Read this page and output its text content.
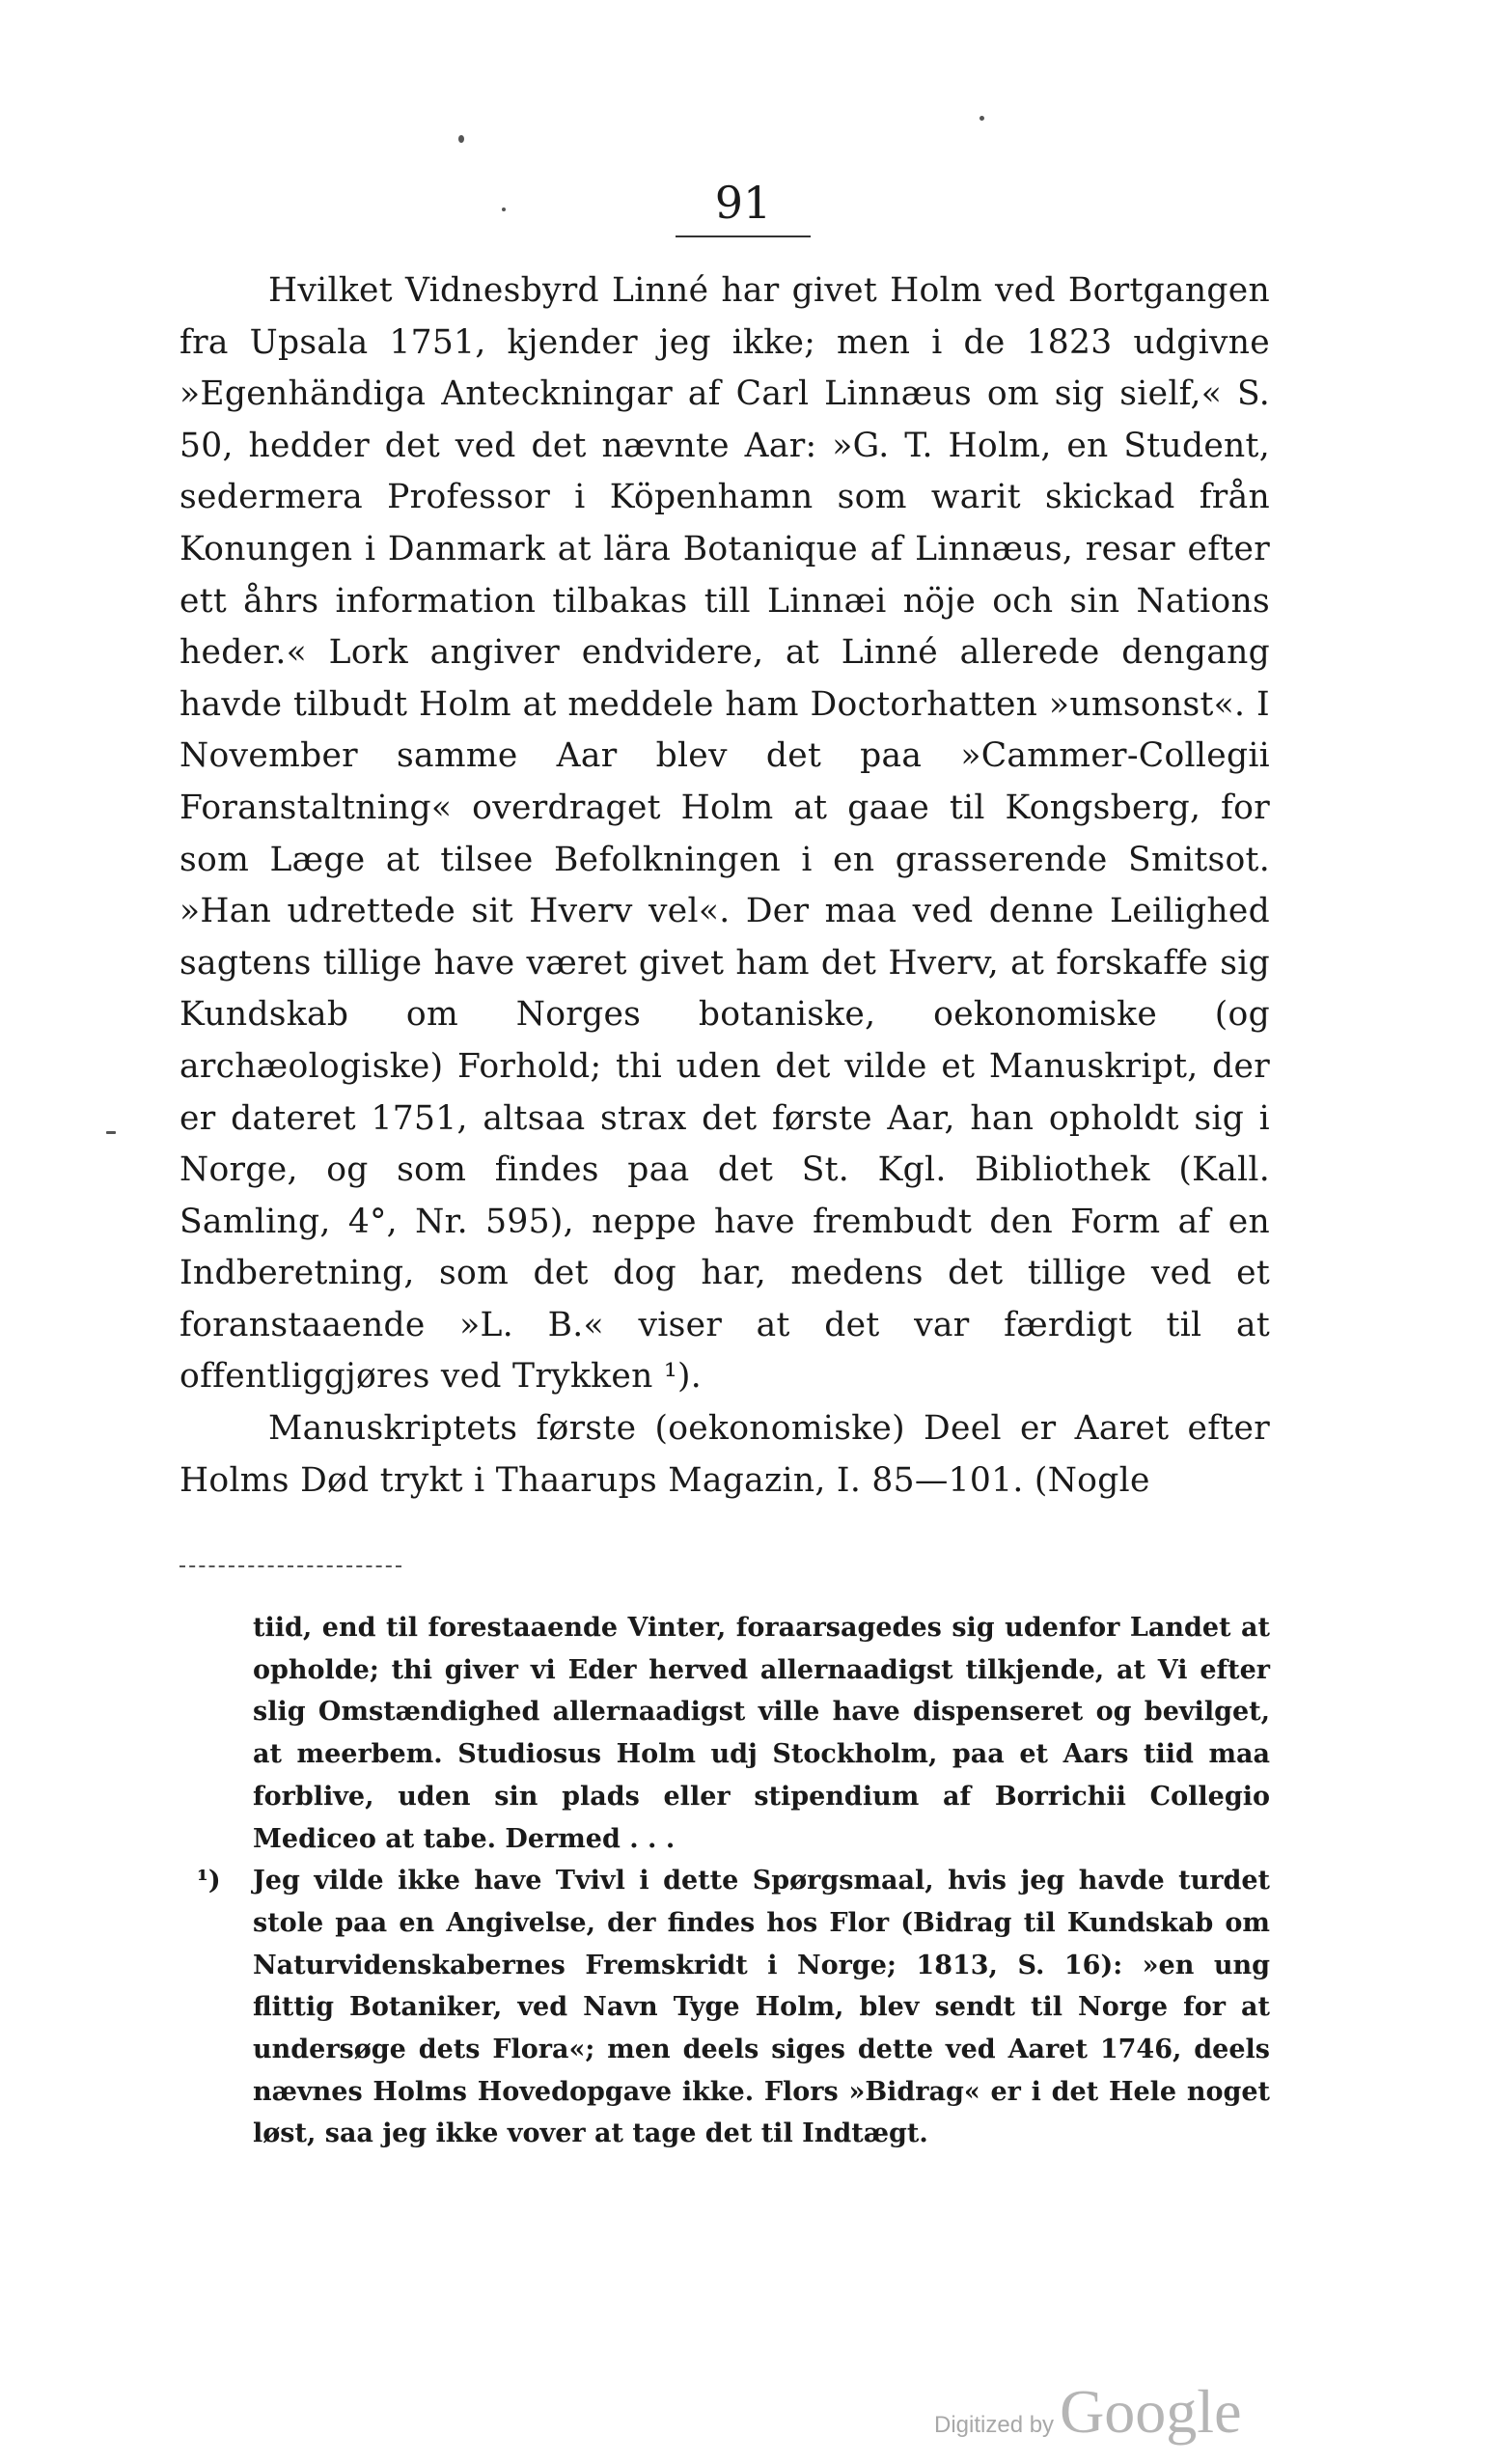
91

Hvilket Vidnesbyrd Linné har givet Holm ved Bortgangen fra Upsala 1751, kjender jeg ikke; men i de 1823 udgivne »Egenhändiga Anteckningar af Carl Linnæus om sig sielf,« S. 50, hedder det ved det nævnte Aar: »G. T. Holm, en Student, sedermera Professor i Köpenhamn som warit skickad från Konungen i Danmark at lära Botanique af Linnæus, resar efter ett åhrs information tilbakas till Linnæi nöje och sin Nations heder.« Lork angiver endvidere, at Linné allerede dengang havde tilbudt Holm at meddele ham Doctorhatten »umsonst«. I November samme Aar blev det paa »Cammer-Collegii Foranstaltning« overdraget Holm at gaae til Kongsberg, for som Læge at tilsee Befolkningen i en grasserende Smitsot. »Han udrettede sit Hverv vel«. Der maa ved denne Leilighed sagtens tillige have været givet ham det Hverv, at forskaffe sig Kundskab om Norges botaniske, oekonomiske (og archæologiske) Forhold; thi uden det vilde et Manuskript, der er dateret 1751, altsaa strax det første Aar, han opholdt sig i Norge, og som findes paa det St. Kgl. Bibliothek (Kall. Samling, 4°, Nr. 595), neppe have frembudt den Form af en Indberetning, som det dog har, medens det tillige ved et foranstaaende »L. B.« viser at det var færdigt til at offentliggjøres ved Trykken ¹).

Manuskriptets første (oekonomiske) Deel er Aaret efter Holms Død trykt i Thaarups Magazin, I. 85—101. (Nogle

tiid, end til forestaaende Vinter, foraarsagedes sig udenfor Landet at opholde; thi giver vi Eder herved allernaadigst tilkjende, at Vi efter slig Omstændighed allernaadigst ville have dispenseret og bevilget, at meerbem. Studiosus Holm udj Stockholm, paa et Aars tiid maa forblive, uden sin plads eller stipendium af Borrichii Collegio Mediceo at tabe. Dermed . . .

¹) Jeg vilde ikke have Tvivl i dette Spørgsmaal, hvis jeg havde turdet stole paa en Angivelse, der findes hos Flor (Bidrag til Kundskab om Naturvidenskabernes Fremskridt i Norge; 1813, S. 16): »en ung flittig Botaniker, ved Navn Tyge Holm, blev sendt til Norge for at undersøge dets Flora«; men deels siges dette ved Aaret 1746, deels nævnes Holms Hovedopgave ikke. Flors »Bidrag« er i det Hele noget løst, saa jeg ikke vover at tage det til Indtægt.

Digitized by Google
